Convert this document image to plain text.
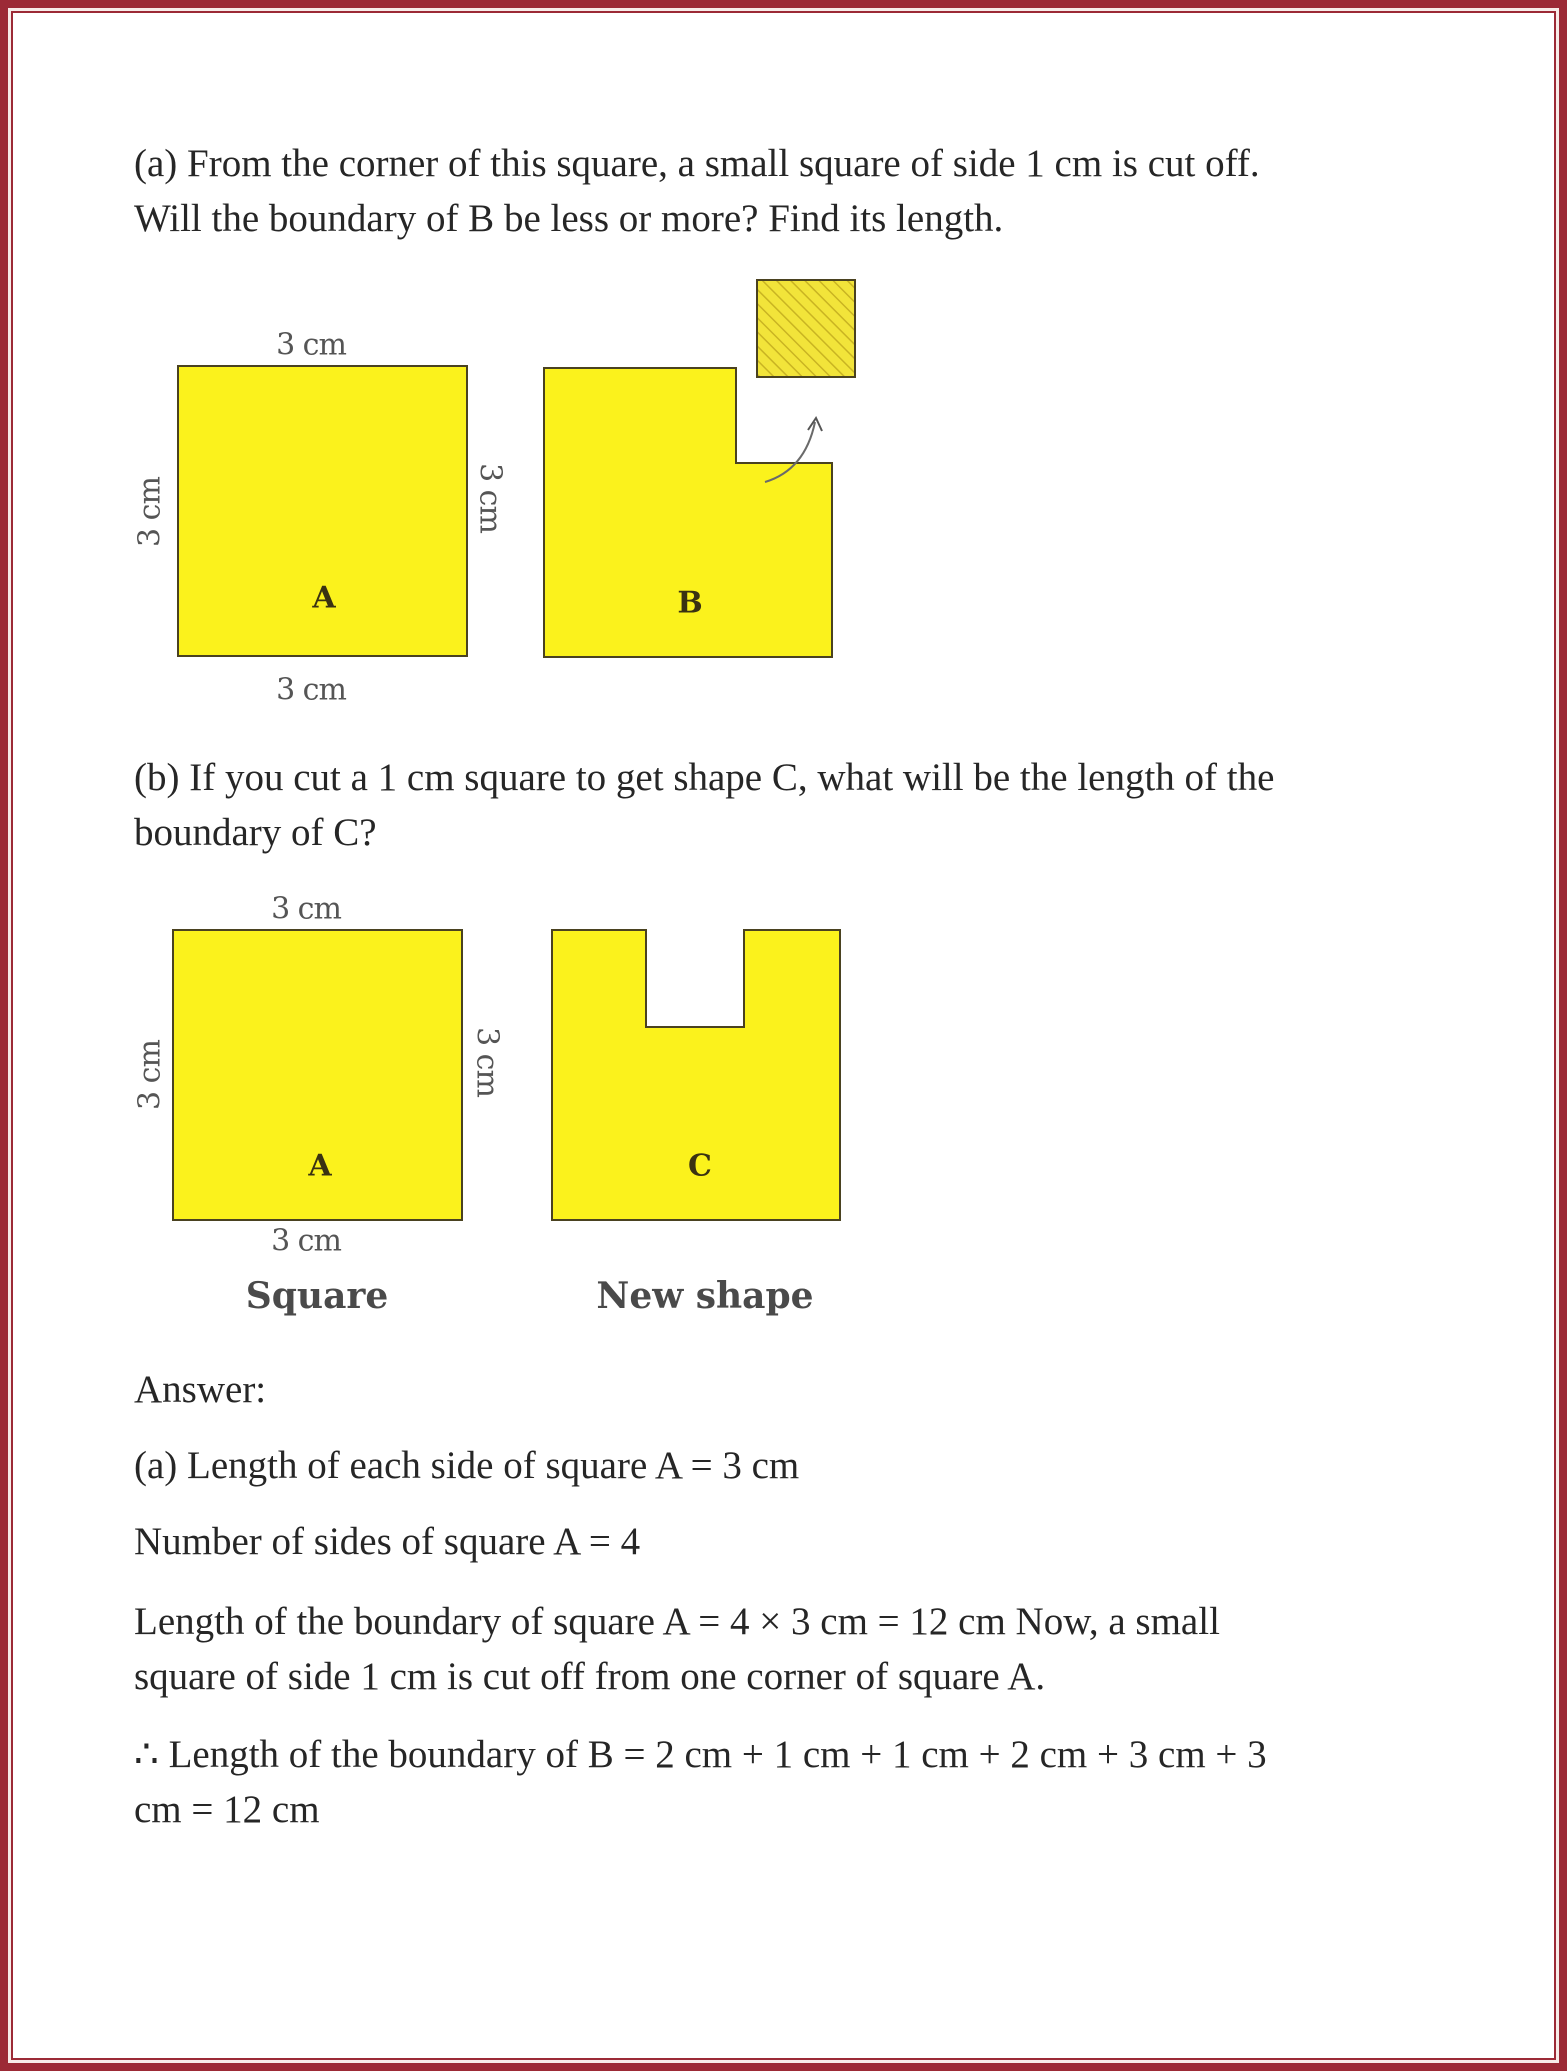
(a) From the corner of this square, a small square of side 1 cm is cut off.
Will the boundary of B be less or more? Find its length.
3 cm
3 cm
3 cm	3 cm
A	B
(b) If you cut a 1 cm square to get shape C, what will be the length of the
boundary of C?
3 cm
3 cm
3 cm	3 cm
A	C
Square	New shape
Answer:
(a) Length of each side of square A = 3 cm
Number of sides of square A = 4
Length of the boundary of square A = 4 × 3 cm = 12 cm Now, a small
square of side 1 cm is cut off from one corner of square A.
∴ Length of the boundary of B = 2 cm + 1 cm + 1 cm + 2 cm + 3 cm + 3
cm = 12 cm
